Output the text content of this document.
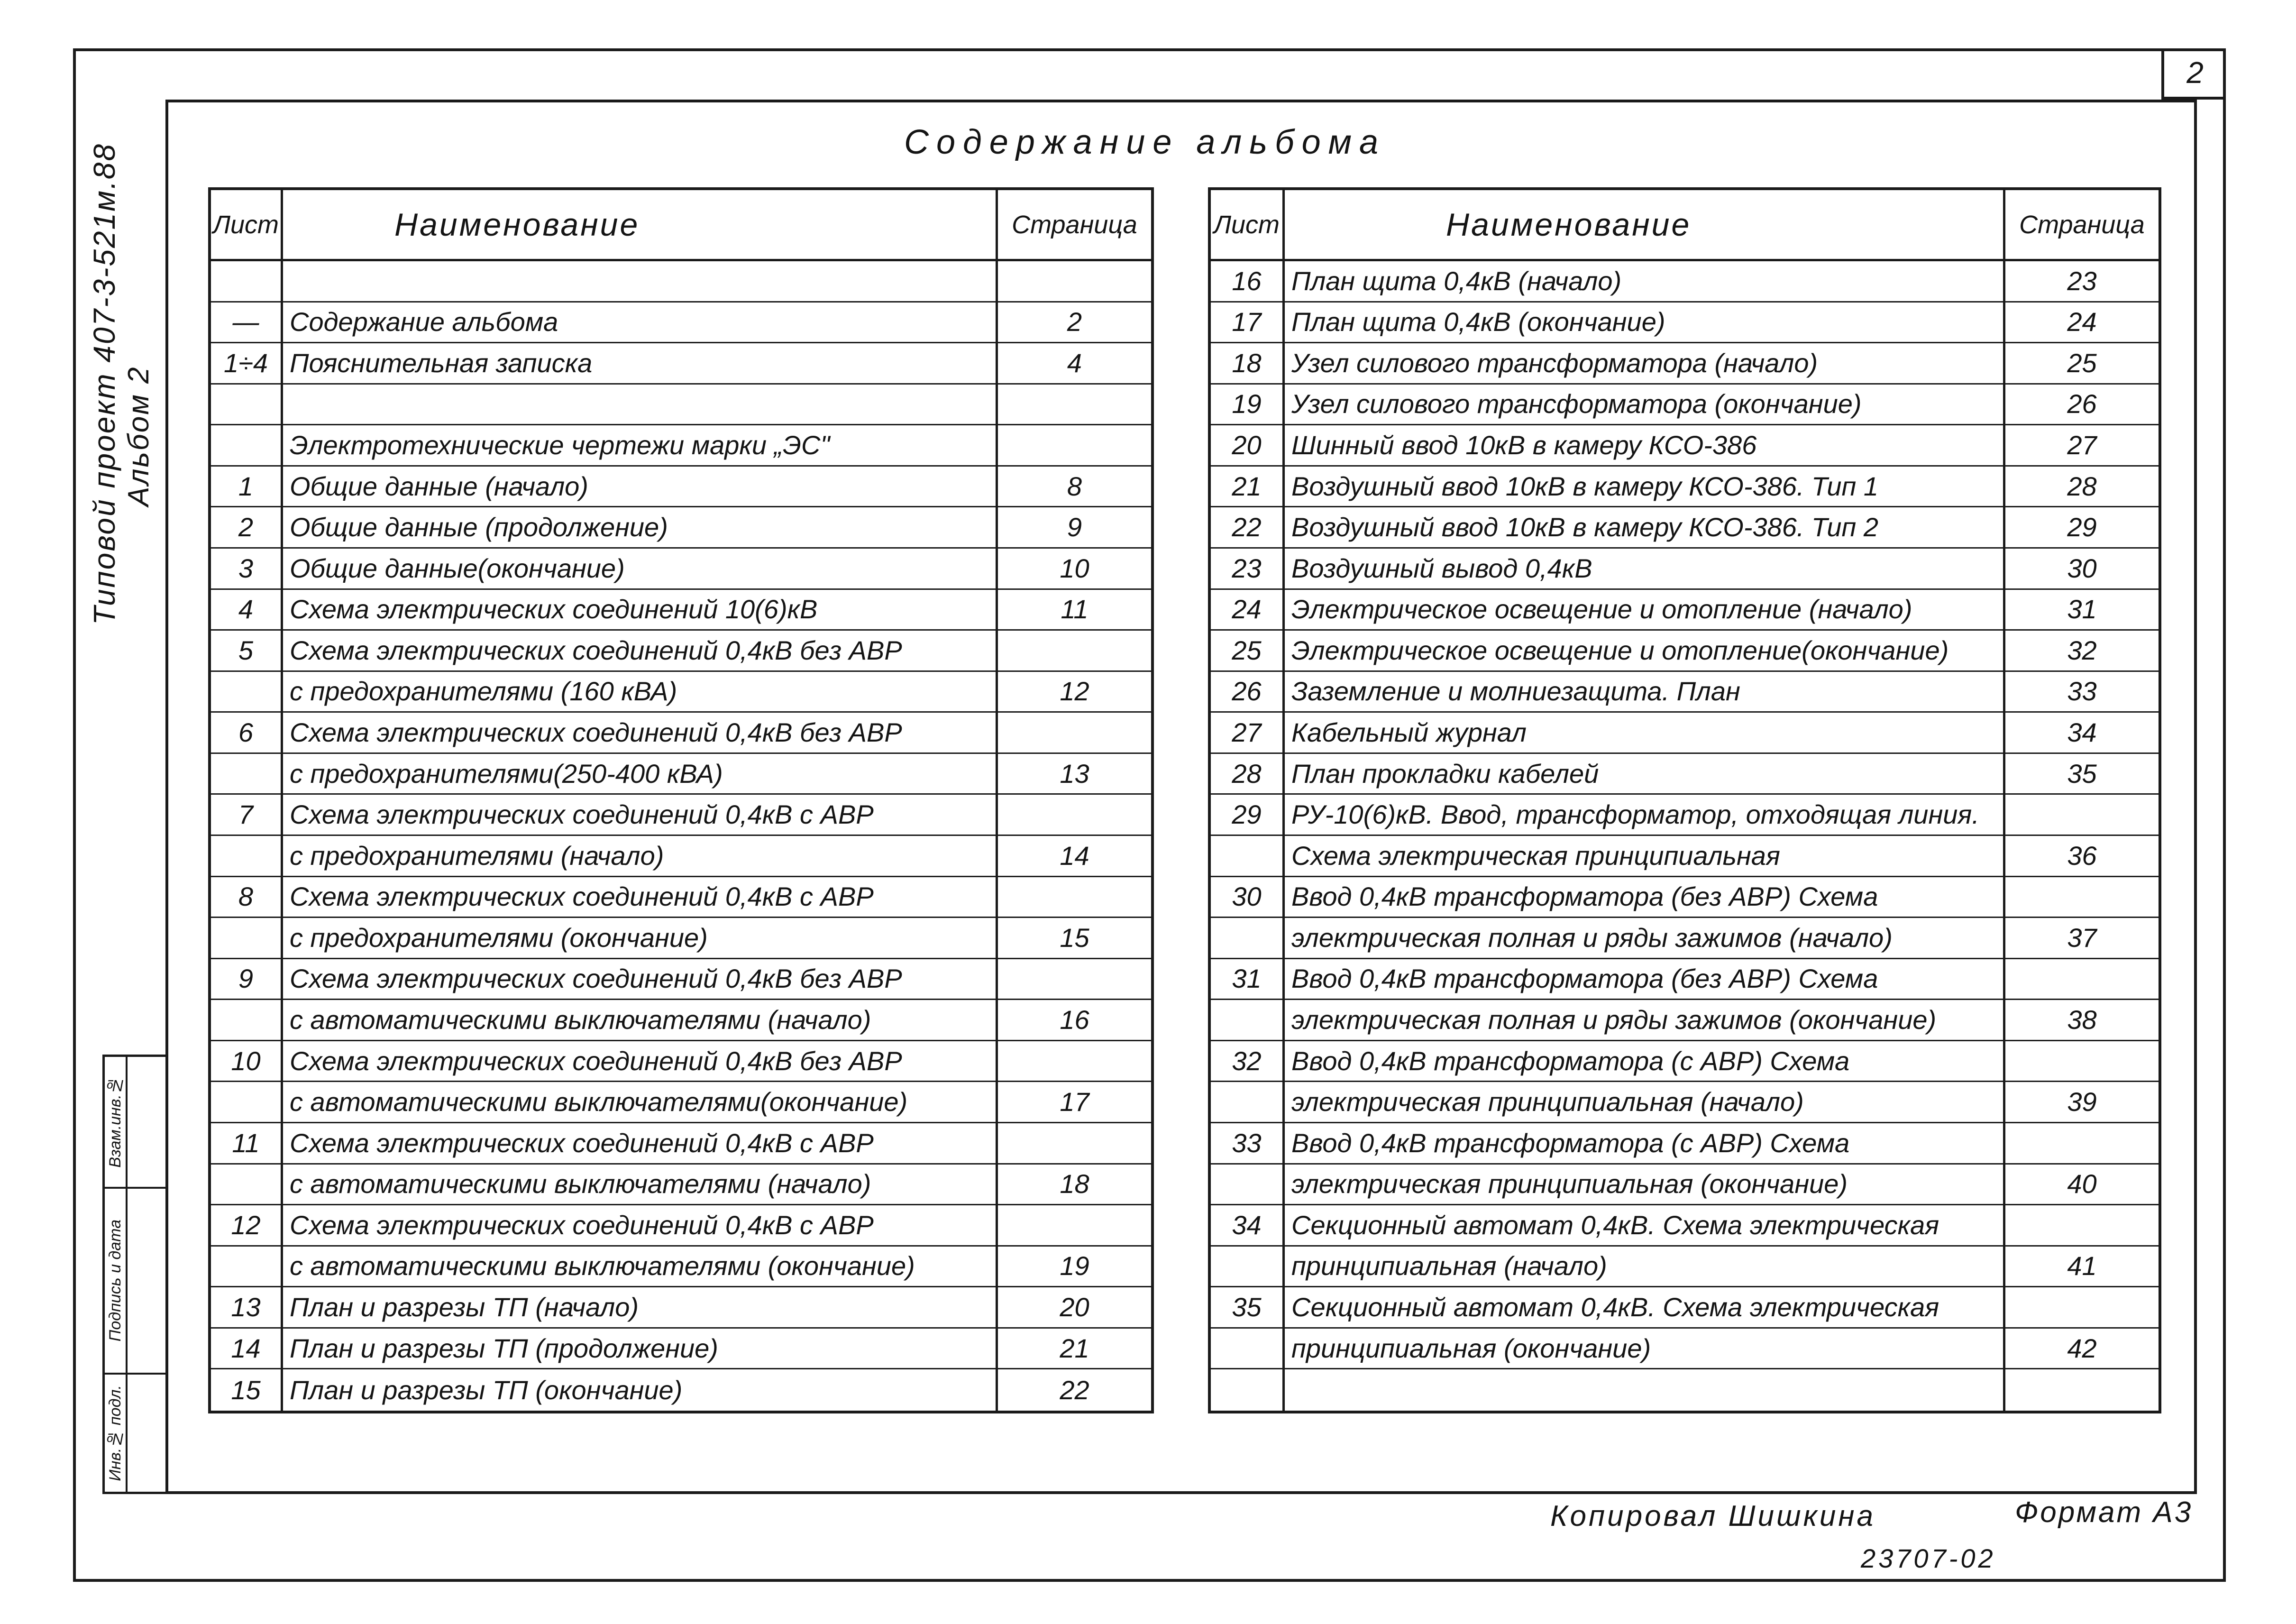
2
Типовой проект 407-3-521м.88 Альбом 2
Взам.инв.№
Подпись и дата
Инв.№ подл.
Содержание альбома
Лист	Наименование	Страница
—	Содержание альбома	2
1÷4 Пояснительная записка	4
Электротехнические чертежи марки „ЭС"
1	Общие данные (начало)	8
2	Общие данные (продолжение)	9
3	Общие данные(окончание)	10
4	Схема электрических соединений 10(6)кВ	11
5	Схема электрических соединений 0,4кВ без АВР
с предохранителями (160 кВА)	12
6	Схема электрических соединений 0,4кВ без АВР
с предохранителями(250-400 кВА)	13
7	Схема электрических соединений 0,4кВ с АВР
с предохранителями (начало)	14
8	Схема электрических соединений 0,4кВ с АВР
с предохранителями (окончание)	15
9	Схема электрических соединений 0,4кВ без АВР
с автоматическими выключателями (начало)	16
10	Схема электрических соединений 0,4кВ без АВР
с автоматическими выключателями(окончание)	17
11	Схема электрических соединений 0,4кВ с АВР
с автоматическими выключателями (начало)	18
12	Схема электрических соединений 0,4кВ с АВР
с автоматическими выключателями (окончание)	19
13	План и разрезы ТП (начало)	20
14	План и разрезы ТП (продолжение)	21
15	План и разрезы ТП (окончание)	22
Лист	Наименование	Страница
16	План щита 0,4кВ (начало)	23
17	План щита 0,4кВ (окончание)	24
18	Узел силового трансформатора (начало)	25
19	Узел силового трансформатора (окончание)	26
20	Шинный ввод 10кВ в камеру КСО-386	27
21	Воздушный ввод 10кВ в камеру КСО-386. Тип 1	28
22	Воздушный ввод 10кВ в камеру КСО-386. Тип 2	29
23	Воздушный вывод 0,4кВ	30
24	Электрическое освещение и отопление (начало)	31
25	Электрическое освещение и отопление(окончание)	32
26	Заземление и молниезащита. План	33
27	Кабельный журнал	34
28	План прокладки кабелей	35
29	РУ-10(6)кВ. Ввод, трансформатор, отходящая линия.
Схема электрическая принципиальная	36
30	Ввод 0,4кВ трансформатора (без АВР) Схема
электрическая полная и ряды зажимов (начало)	37
31	Ввод 0,4кВ трансформатора (без АВР) Схема
электрическая полная и ряды зажимов (окончание)	38
32	Ввод 0,4кВ трансформатора (с АВР) Схема
электрическая принципиальная (начало)	39
33	Ввод 0,4кВ трансформатора (с АВР) Схема
электрическая принципиальная (окончание)	40
34	Секционный автомат 0,4кВ. Схема электрическая
принципиальная (начало)	41
35	Секционный автомат 0,4кВ. Схема электрическая
принципиальная (окончание)	42
Копировал Шишкина	Формат А3
23707-02
